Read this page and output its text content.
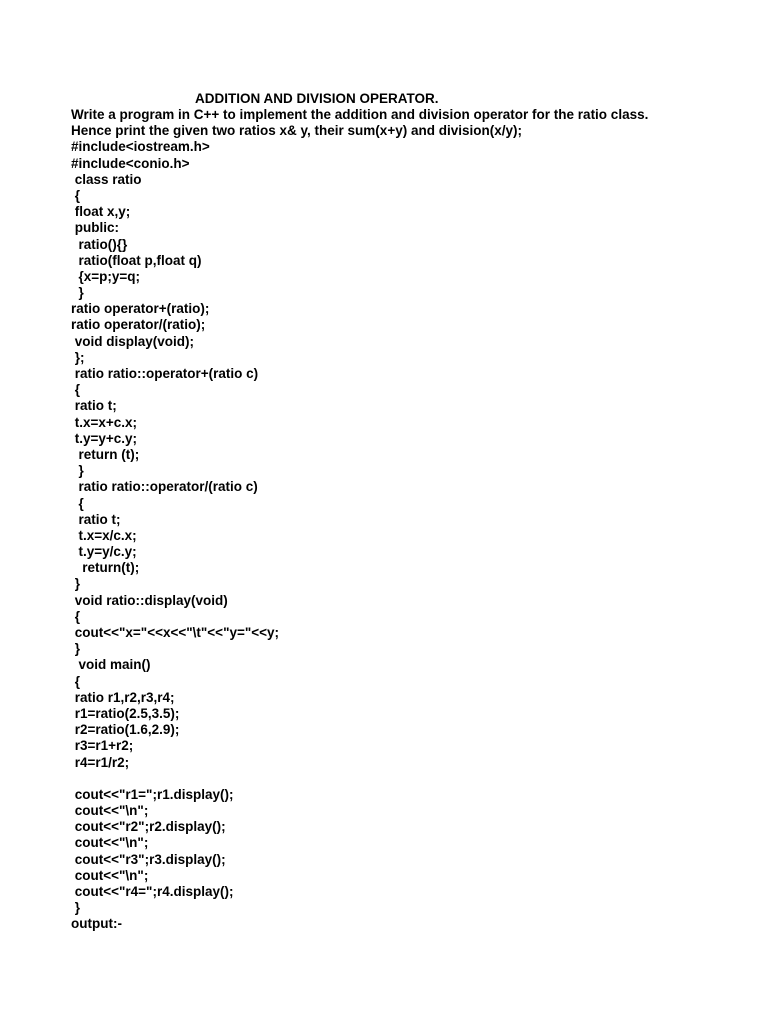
ADDITION AND DIVISION OPERATOR.
Write a program in C++ to implement the addition and division operator for the ratio class.
Hence print the given two ratios x& y, their sum(x+y) and division(x/y);
#include<iostream.h>
#include<conio.h>
class ratio
{
float x,y;
public:
ratio(){}
ratio(float p,float q)
{x=p;y=q;
}
ratio operator+(ratio);
ratio operator/(ratio);
void display(void);
};
ratio ratio::operator+(ratio c)
{
ratio t;
t.x=x+c.x;
t.y=y+c.y;
return (t);
}
ratio ratio::operator/(ratio c)
{
ratio t;
t.x=x/c.x;
t.y=y/c.y;
return(t);
}
void ratio::display(void)
{
cout<<"x="<<x<<"\t"<<"y="<<y;
}
void main()
{
ratio r1,r2,r3,r4;
r1=ratio(2.5,3.5);
r2=ratio(1.6,2.9);
r3=r1+r2;
r4=r1/r2;
cout<<"r1=";r1.display();
cout<<"\n";
cout<<"r2";r2.display();
cout<<"\n";
cout<<"r3";r3.display();
cout<<"\n";
cout<<"r4=";r4.display();
}
output:-
